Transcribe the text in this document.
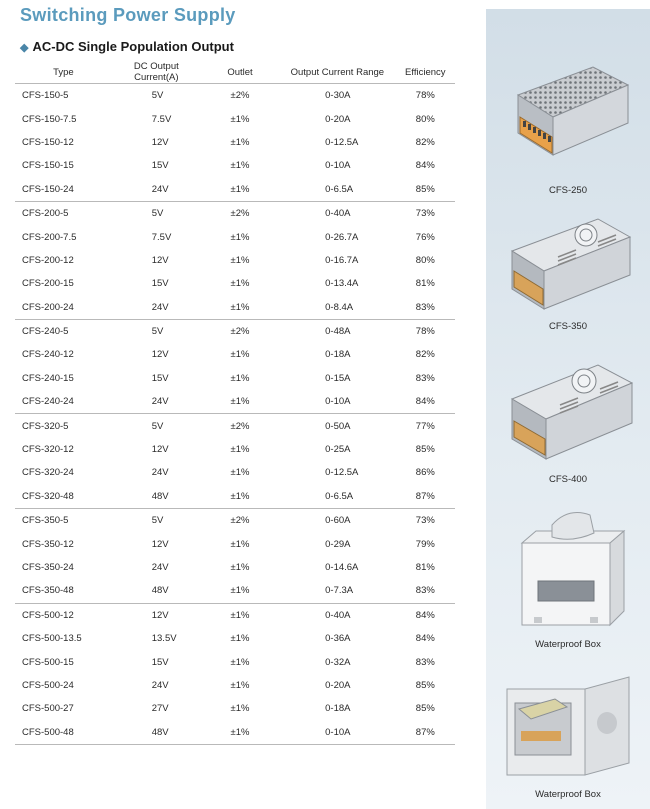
Switching Power Supply
◆ AC-DC Single Population Output
Type	DC Output Current(A)	Outlet	Output Current Range	Efficiency
CFS-150-5	5V	±2%	0-30A	78%
CFS-150-7.5	7.5V	±1%	0-20A	80%
CFS-150-12	12V	±1%	0-12.5A	82%
CFS-150-15	15V	±1%	0-10A	84%
CFS-150-24	24V	±1%	0-6.5A	85%
CFS-200-5	5V	±2%	0-40A	73%
CFS-200-7.5	7.5V	±1%	0-26.7A	76%
CFS-200-12	12V	±1%	0-16.7A	80%
CFS-200-15	15V	±1%	0-13.4A	81%
CFS-200-24	24V	±1%	0-8.4A	83%
CFS-240-5	5V	±2%	0-48A	78%
CFS-240-12	12V	±1%	0-18A	82%
CFS-240-15	15V	±1%	0-15A	83%
CFS-240-24	24V	±1%	0-10A	84%
CFS-320-5	5V	±2%	0-50A	77%
CFS-320-12	12V	±1%	0-25A	85%
CFS-320-24	24V	±1%	0-12.5A	86%
CFS-320-48	48V	±1%	0-6.5A	87%
CFS-350-5	5V	±2%	0-60A	73%
CFS-350-12	12V	±1%	0-29A	79%
CFS-350-24	24V	±1%	0-14.6A	81%
CFS-350-48	48V	±1%	0-7.3A	83%
CFS-500-12	12V	±1%	0-40A	84%
CFS-500-13.5	13.5V	±1%	0-36A	84%
CFS-500-15	15V	±1%	0-32A	83%
CFS-500-24	24V	±1%	0-20A	85%
CFS-500-27	27V	±1%	0-18A	85%
CFS-500-48	48V	±1%	0-10A	87%
CFS-250
CFS-350
CFS-400
Waterproof Box
Waterproof Box
